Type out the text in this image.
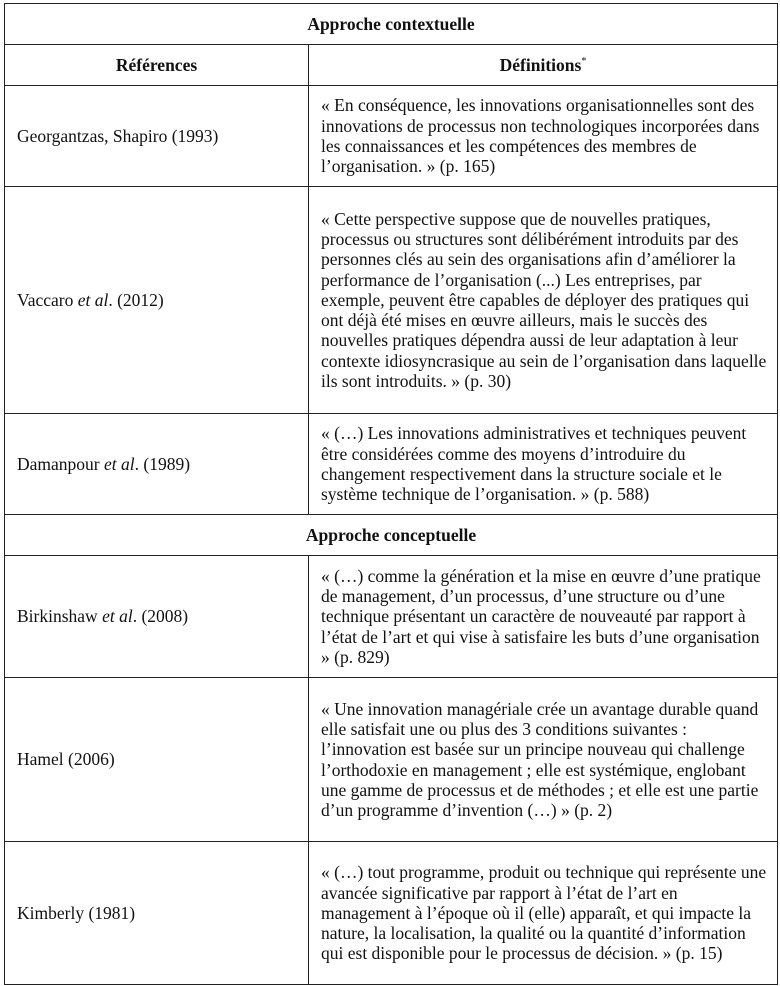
Approche contextuelle	
Références	Définitions*
Georgantzas, Shapiro (1993)	« En conséquence, les innovations organisationnelles sont des innovations de processus non technologiques incorporées dans les connaissances et les compétences des membres de l’organisation. » (p. 165)
Vaccaro et al. (2012)	« Cette perspective suppose que de nouvelles pratiques, processus ou structures sont délibérément introduits par des personnes clés au sein des organisations afin d’améliorer la performance de l’organisation (...) Les entreprises, par exemple, peuvent être capables de déployer des pratiques qui ont déjà été mises en œuvre ailleurs, mais le succès des nouvelles pratiques dépendra aussi de leur adaptation à leur contexte idiosyncrasique au sein de l’organisation dans laquelle ils sont introduits. » (p. 30)
Damanpour et al. (1989)	« (…) Les innovations administratives et techniques peuvent être considérées comme des moyens d’introduire du changement respectivement dans la structure sociale et le système technique de l’organisation. » (p. 588)
Approche conceptuelle	
Birkinshaw et al. (2008)	« (…) comme la génération et la mise en œuvre d’une pratique de management, d’un processus, d’une structure ou d’une technique présentant un caractère de nouveauté par rapport à l’état de l’art et qui vise à satisfaire les buts d’une organisation » (p. 829)
Hamel (2006)	« Une innovation managériale crée un avantage durable quand elle satisfait une ou plus des 3 conditions suivantes : l’innovation est basée sur un principe nouveau qui challenge l’orthodoxie en management ; elle est systémique, englobant une gamme de processus et de méthodes ; et elle est une partie d’un programme d’invention (…) » (p. 2)
Kimberly (1981)	« (…) tout programme, produit ou technique qui représente une avancée significative par rapport à l’état de l’art en management à l’époque où il (elle) apparaît, et qui impacte la nature, la localisation, la qualité ou la quantité d’information qui est disponible pour le processus de décision. » (p. 15)
